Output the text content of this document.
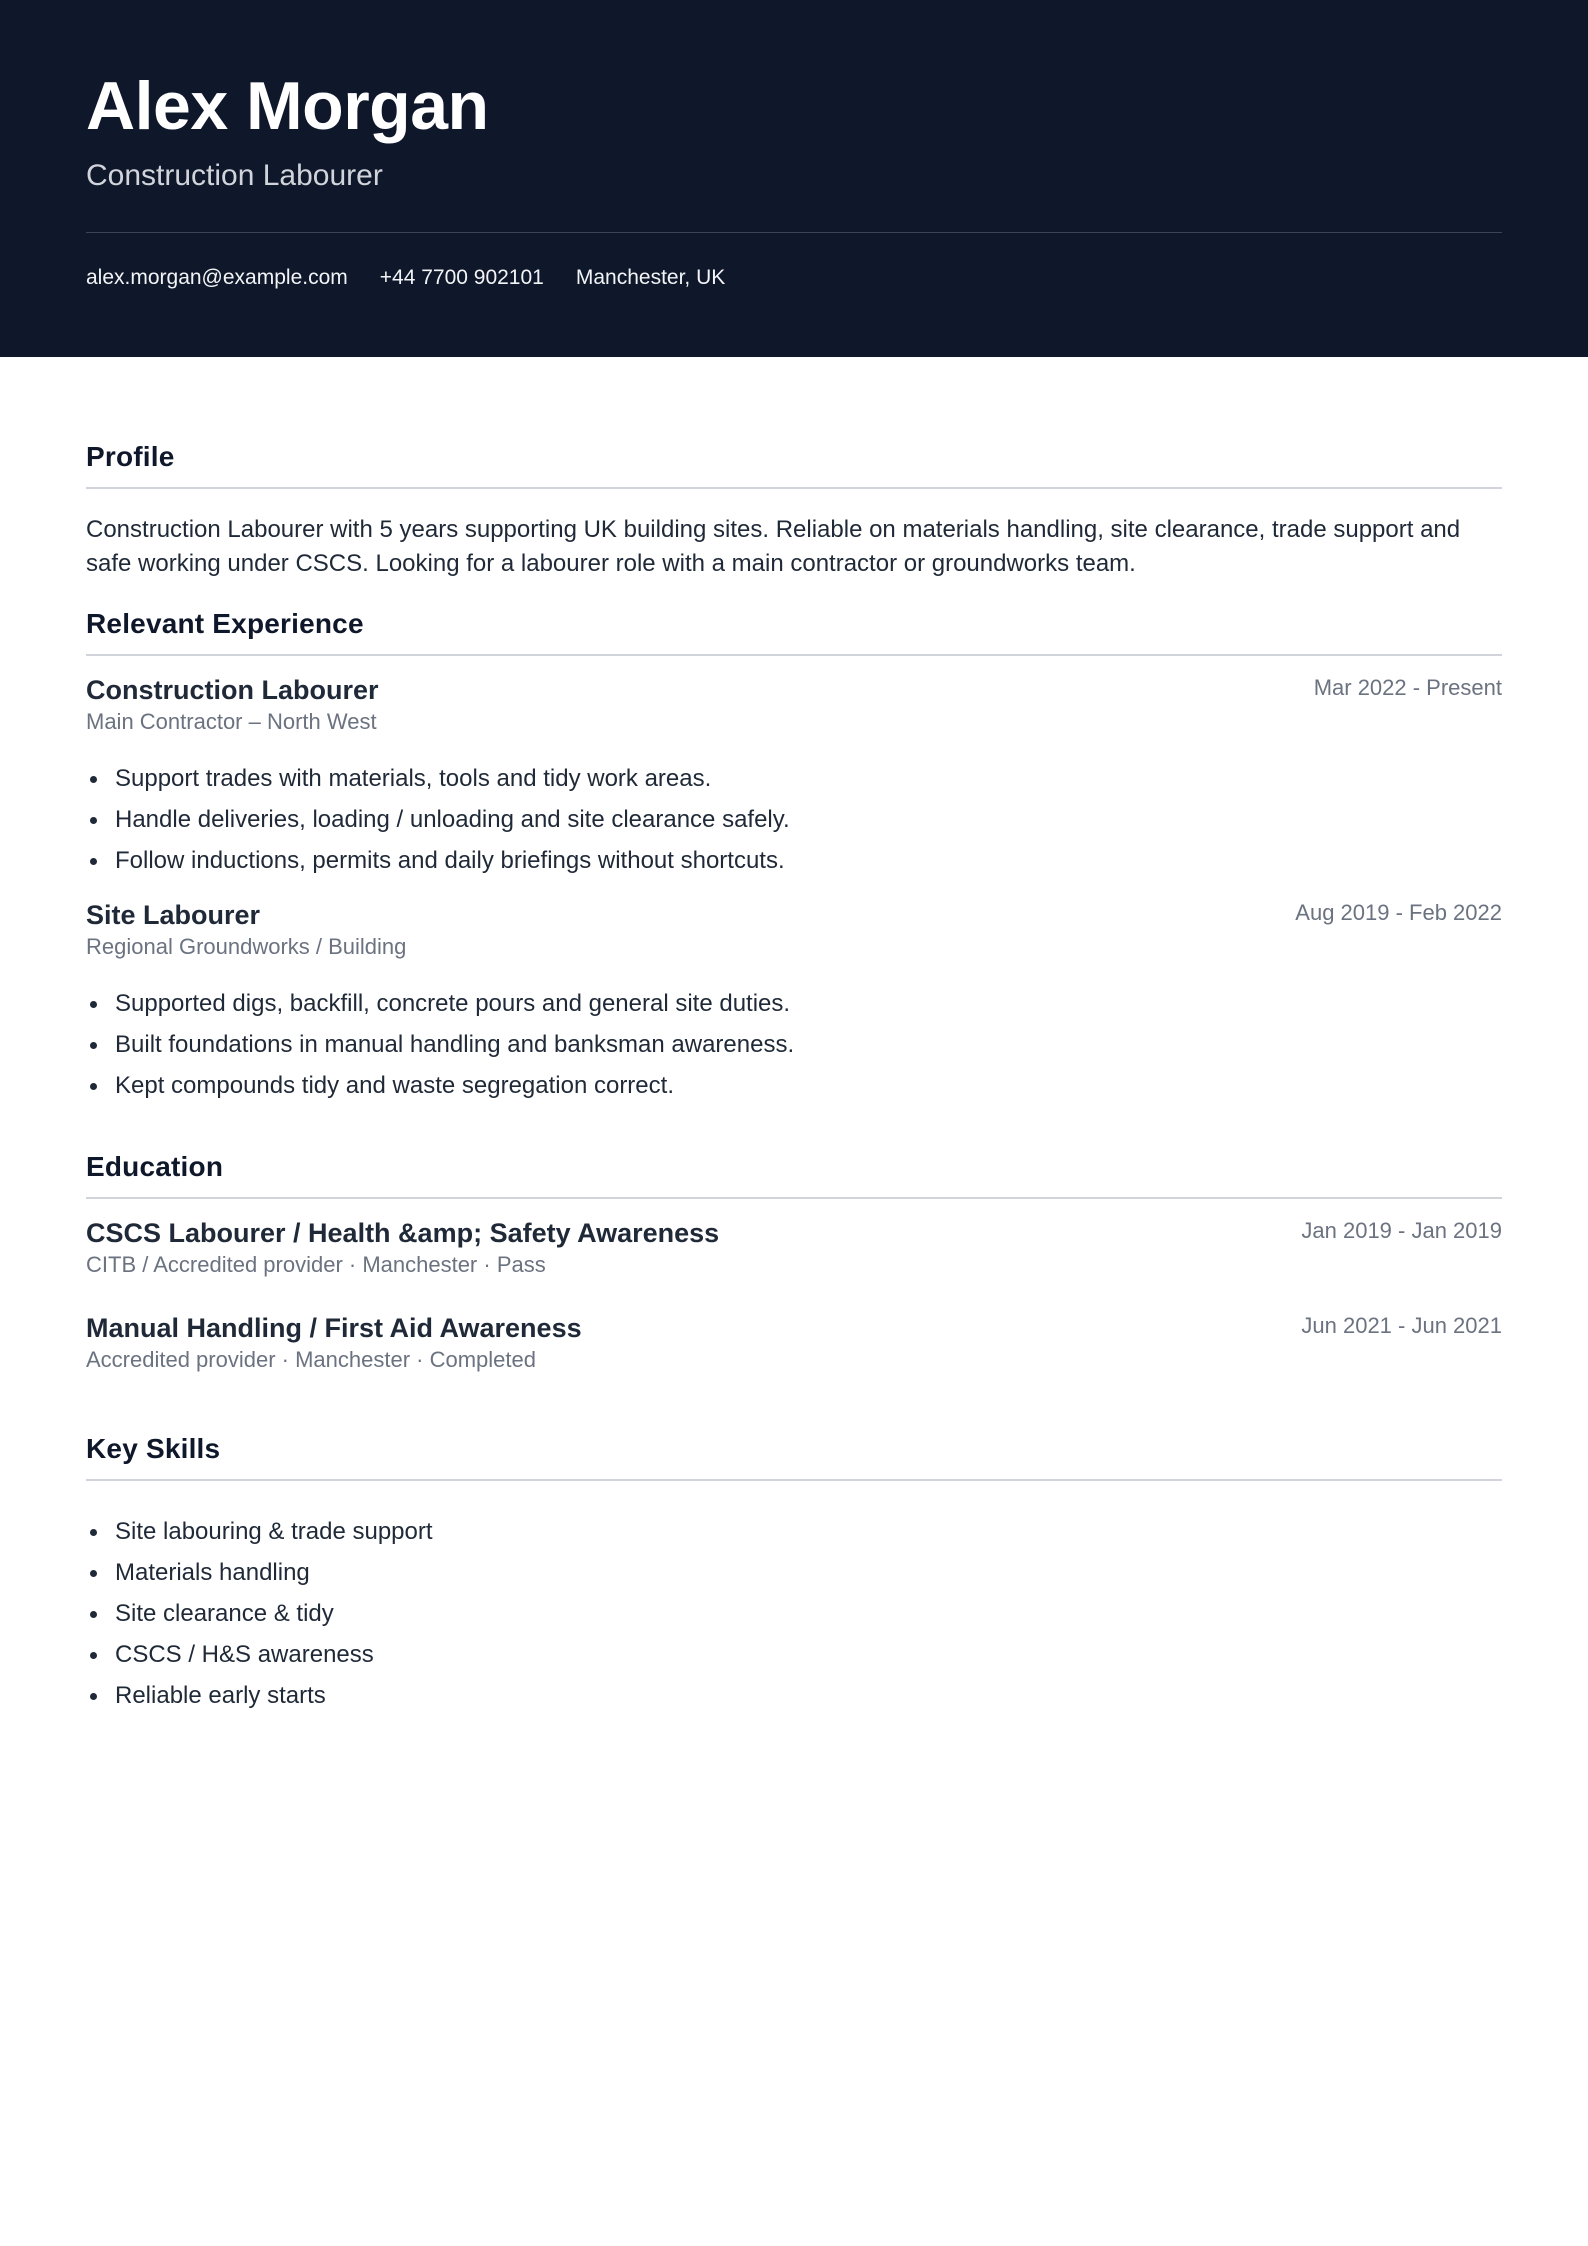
Alex Morgan
Construction Labourer
alex.morgan@example.com +44 7700 902101 Manchester, UK
Profile

Construction Labourer with 5 years supporting UK building sites. Reliable on materials handling, site clearance, trade support and safe working under CSCS. Looking for a labourer role with a main contractor or groundworks team.

Relevant Experience
Construction Labourer	Mar 2022 - Present
Main Contractor – North West
Support trades with materials, tools and tidy work areas.
Handle deliveries, loading / unloading and site clearance safely.
Follow inductions, permits and daily briefings without shortcuts.
Site Labourer	Aug 2019 - Feb 2022
Regional Groundworks / Building
Supported digs, backfill, concrete pours and general site duties.
Built foundations in manual handling and banksman awareness.
Kept compounds tidy and waste segregation correct.
Education
CSCS Labourer / Health &amp; Safety Awareness	Jan 2019 - Jan 2019
CITB / Accredited provider · Manchester · Pass
Manual Handling / First Aid Awareness	Jun 2021 - Jun 2021
Accredited provider · Manchester · Completed
Key Skills
Site labouring & trade support
Materials handling
Site clearance & tidy
CSCS / H&S awareness
Reliable early starts
